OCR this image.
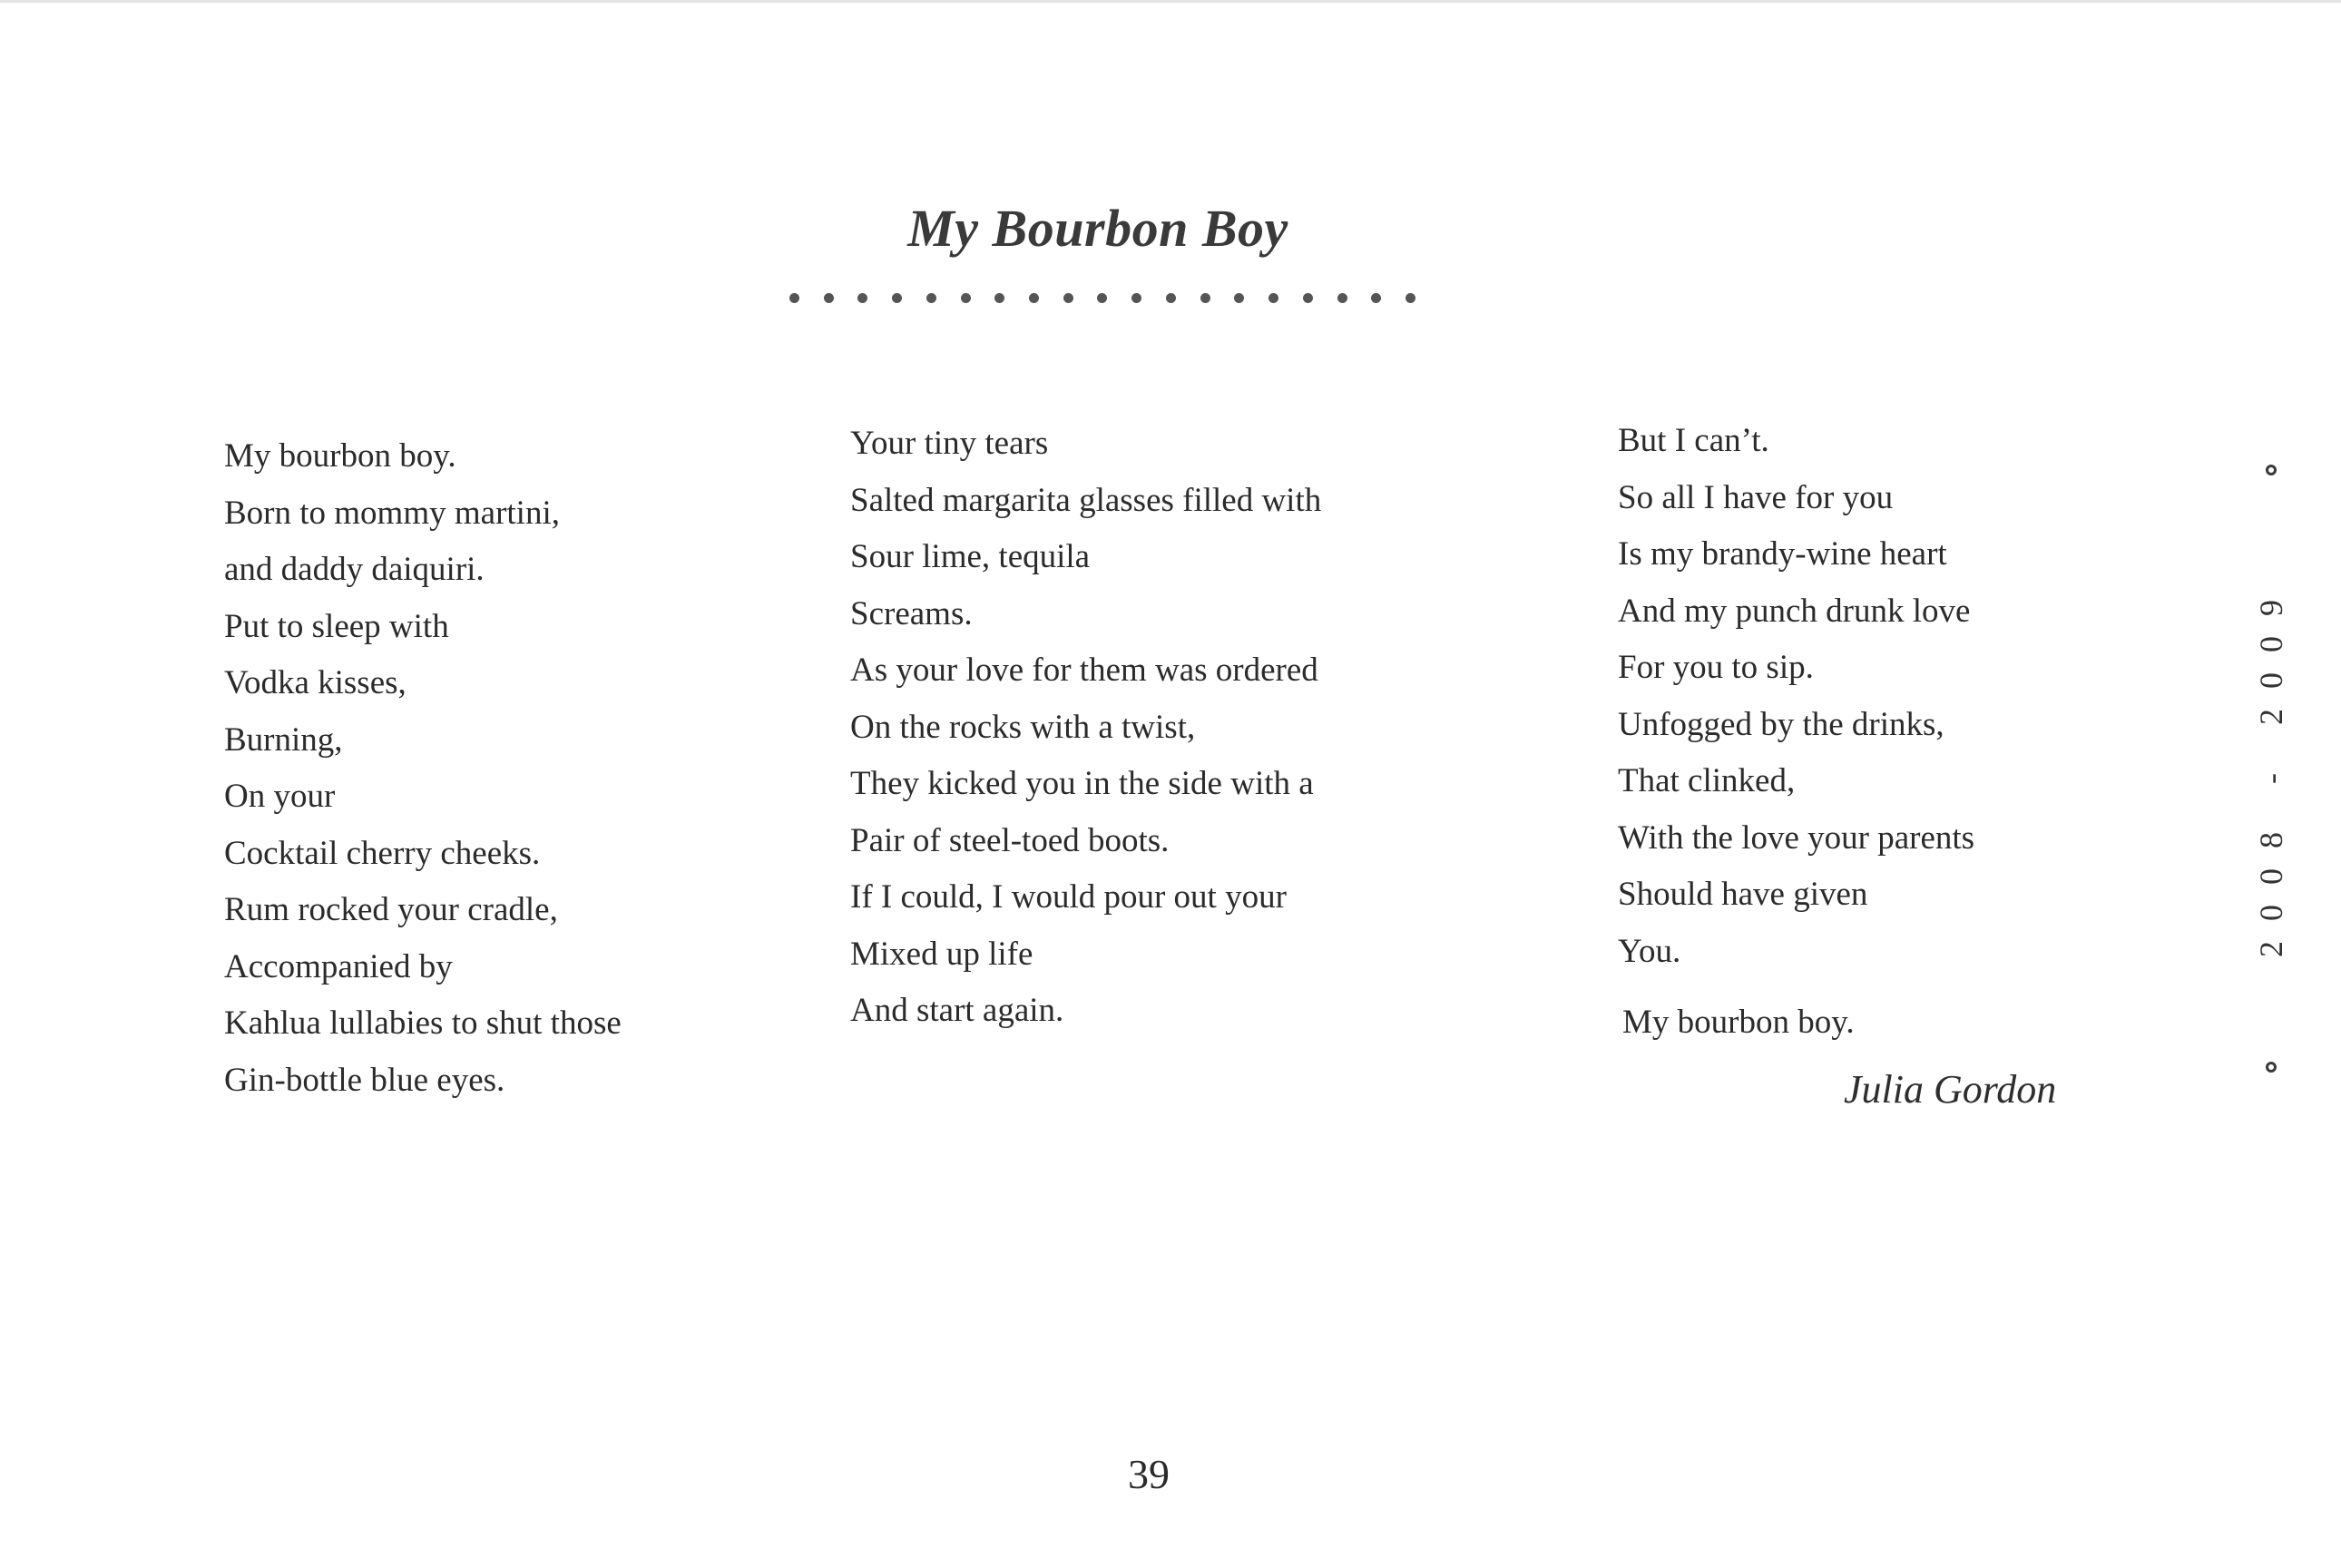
My Bourbon Boy
My bourbon boy.
Born to mommy martini,
and daddy daiquiri.
Put to sleep with
Vodka kisses,
Burning,
On your
Cocktail cherry cheeks.
Rum rocked your cradle,
Accompanied by
Kahlua lullabies to shut those
Gin-bottle blue eyes.
Your tiny tears
Salted margarita glasses filled with
Sour lime, tequila
Screams.
As your love for them was ordered
On the rocks with a twist,
They kicked you in the side with a
Pair of steel-toed boots.
If I could, I would pour out your
Mixed up life
And start again.
But I can’t.
So all I have for you
Is my brandy-wine heart
And my punch drunk love
For you to sip.
Unfogged by the drinks,
That clinked,
With the love your parents
Should have given
You.
My bourbon boy.
Julia Gordon
2008 - 2009
39
